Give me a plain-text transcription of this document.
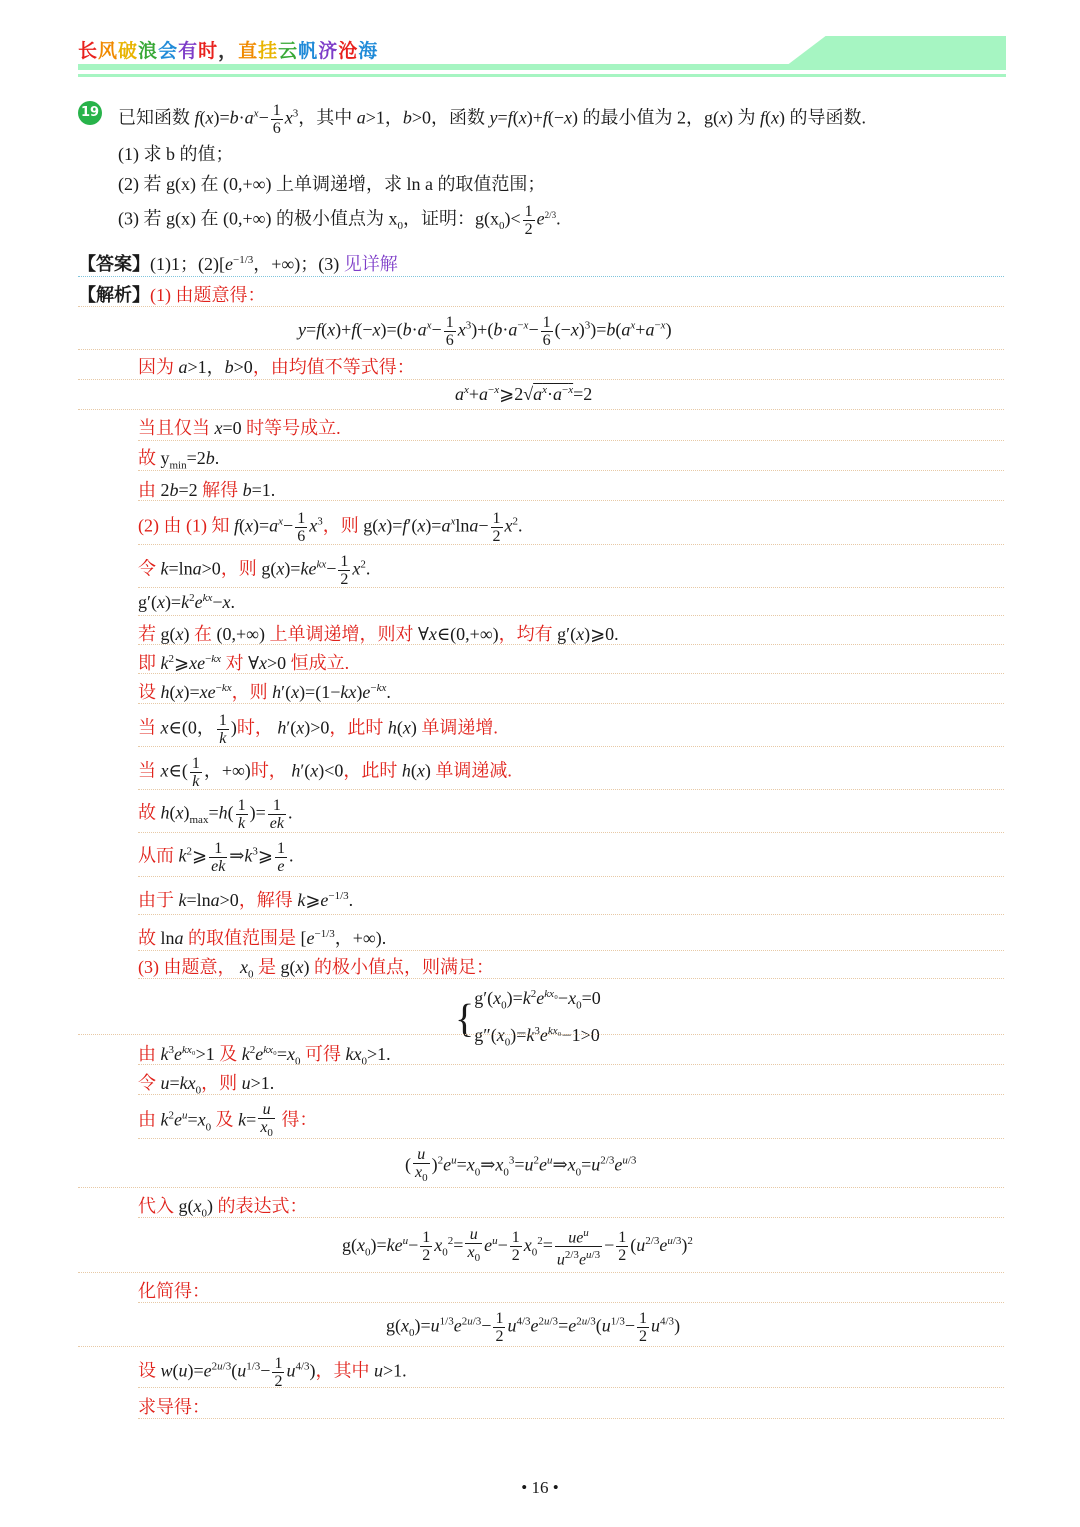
长风破浪会有时，直挂云帆济沧海
19 已知函数 $f(x)=b\cdot a^x- \frac{1}{6} x^3$，其中 a>1，b>0，函数 y=f(x)+f(−x) 的最小值为 2，g(x) 为 f(x) 的导函数.
(1) 求 b 的值；
(2) 若 g(x) 在 (0,+∞) 上单调递增，求 ln a 的取值范围；
(3) 若 g(x) 在 (0,+∞) 的极小值点为 $x_0$，证明：$g(x_0)< \frac{1}{2} e^{2/3}$.
【答案】(1)1；$(2)[e^{-1/3}$，+∞)；(3) 见详解
【解析】(1) 由题意得：
$y=f(x)+f(-x)=(b\cdot a^x- \frac{1}{6} x^3)+(b\cdot a^{-x}- \frac{1}{6} (-x)^3)=b(a^x+a^{-x})$
因为 a>1，b>0，由均值不等式得：
$a^x+a^{-x}⩾2√a^x\cdot a^{-x}=2$
当且仅当 x=0 时等号成立.
故 $y_{min}=2b$.
由 2b=2 解得 b=1.
(2) 由 (1) 知 $f(x)=a^x- \frac{1}{6} x^3$，则 $g(x)=f'(x)=a^x\ln a- \frac{1}{2} x^2$.
令 k=lna>0，则 $g(x)=ke^{kx}- \frac{1}{2} x^2$.
$g'(x)=k^2e^{kx}-x$.
若 g(x) 在 (0,+∞) 上单调递增，则对 ∀x∈(0,+∞)，均有 g′(x)⩾0.
即 $k^2⩾xe^{-kx}$ 对 ∀x>0 恒成立.
设 $h(x)=xe^{-kx}$，则 $h'(x)=(1-kx)e^{-kx}$.
当 x∈(0， $\frac{1}{k}$ )时， h′(x)>0，此时 h(x) 单调递增.
当 x∈( $\frac{1}{k}$ ，+∞)时， h′(x)<0，此时 h(x) 单调递减.
故 $h(x)_{max}=h( \frac{1}{k}$ )= $\frac{1}{ek}$ .
从而 $k^2⩾ \frac{1}{ek}$ $\Rightarrow k^3⩾ \frac{1}{e}$ .
由于 k=lna>0，解得 $k⩾e^{-1/3}$.
故 lna 的取值范围是 [$e^{-1/3}$，+∞).
(3) 由题意， $x_0$ 是 g(x) 的极小值点，则满足：
{$g'(x_0)=k^2e^{kx_0}-x_0=0$
$g''(x_0)=k^3e^{kx_0}-1>0$
由 $k^3e^{kx_0}>1$ 及 $k^2e^{kx_0}=x_0$ 可得 $kx_0>1$.
令 $u=kx_0$，则 u>1.
由 $k^2e^u=x_0$ 及 $k= \frac{u}{x_0}$ 得：
( $\frac{u}{x_0}$ )$^2e^u=x_0\Rightarrow x_0^3=u^2e^u\Rightarrow x_0=u^{2/3}e^{u/3}$
代入 $g(x_0)$ 的表达式：
$g(x_0)=ke^u- \frac{1}{2} x_0^2= \frac{u}{x_0} e^u- \frac{1}{2} x_0^2= \frac{ue^u}{u^{2/3}e^{u/3}} - \frac{1}{2} (u^{2/3}e^{u/3})^2$
化简得：
$g(x_0)=u^{1/3}e^{2u/3}- \frac{1}{2} u^{4/3}e^{2u/3}=e^{2u/3}(u^{1/3}- \frac{1}{2} u^{4/3})$
设 $w(u)=e^{2u/3}(u^{1/3}- \frac{1}{2} u^{4/3})$，其中 u>1.
求导得：
• 16 •
